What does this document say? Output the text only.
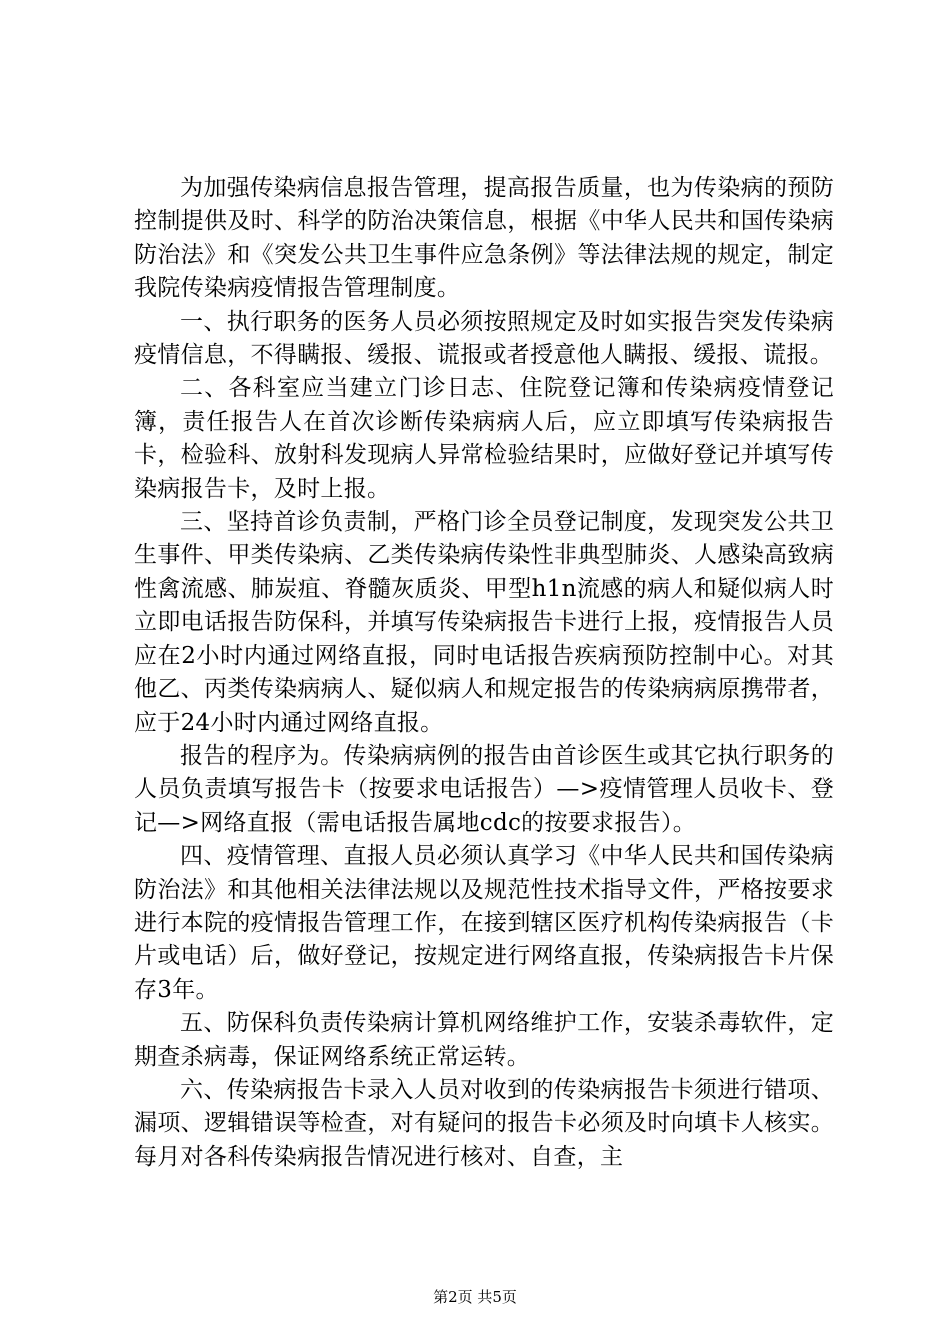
为加强传染病信息报告管理，提高报告质量，也为传染病的预防控制提供及时、科学的防治决策信息，根据《中华人民共和国传染病防治法》和《突发公共卫生事件应急条例》等法律法规的规定，制定我院传染病疫情报告管理制度。

一、执行职务的医务人员必须按照规定及时如实报告突发传染病疫情信息，不得瞒报、缓报、谎报或者授意他人瞒报、缓报、谎报。

二、各科室应当建立门诊日志、住院登记簿和传染病疫情登记簿，责任报告人在首次诊断传染病病人后，应立即填写传染病报告卡，检验科、放射科发现病人异常检验结果时，应做好登记并填写传染病报告卡，及时上报。

三、坚持首诊负责制，严格门诊全员登记制度，发现突发公共卫生事件、甲类传染病、乙类传染病传染性非典型肺炎、人感染高致病性禽流感、肺炭疽、脊髓灰质炎、甲型h1n流感的病人和疑似病人时立即电话报告防保科，并填写传染病报告卡进行上报，疫情报告人员应在2小时内通过网络直报，同时电话报告疾病预防控制中心。对其他乙、丙类传染病病人、疑似病人和规定报告的传染病病原携带者，应于24小时内通过网络直报。

报告的程序为。传染病病例的报告由首诊医生或其它执行职务的人员负责填写报告卡（按要求电话报告）—>疫情管理人员收卡、登记—>网络直报（需电话报告属地cdc的按要求报告）。

四、疫情管理、直报人员必须认真学习《中华人民共和国传染病防治法》和其他相关法律法规以及规范性技术指导文件，严格按要求进行本院的疫情报告管理工作，在接到辖区医疗机构传染病报告（卡片或电话）后，做好登记，按规定进行网络直报，传染病报告卡片保存3年。

五、防保科负责传染病计算机网络维护工作，安装杀毒软件，定期查杀病毒，保证网络系统正常运转。

六、传染病报告卡录入人员对收到的传染病报告卡须进行错项、漏项、逻辑错误等检查，对有疑问的报告卡必须及时向填卡人核实。每月对各科传染病报告情况进行核对、自查，主

第2页 共5页
